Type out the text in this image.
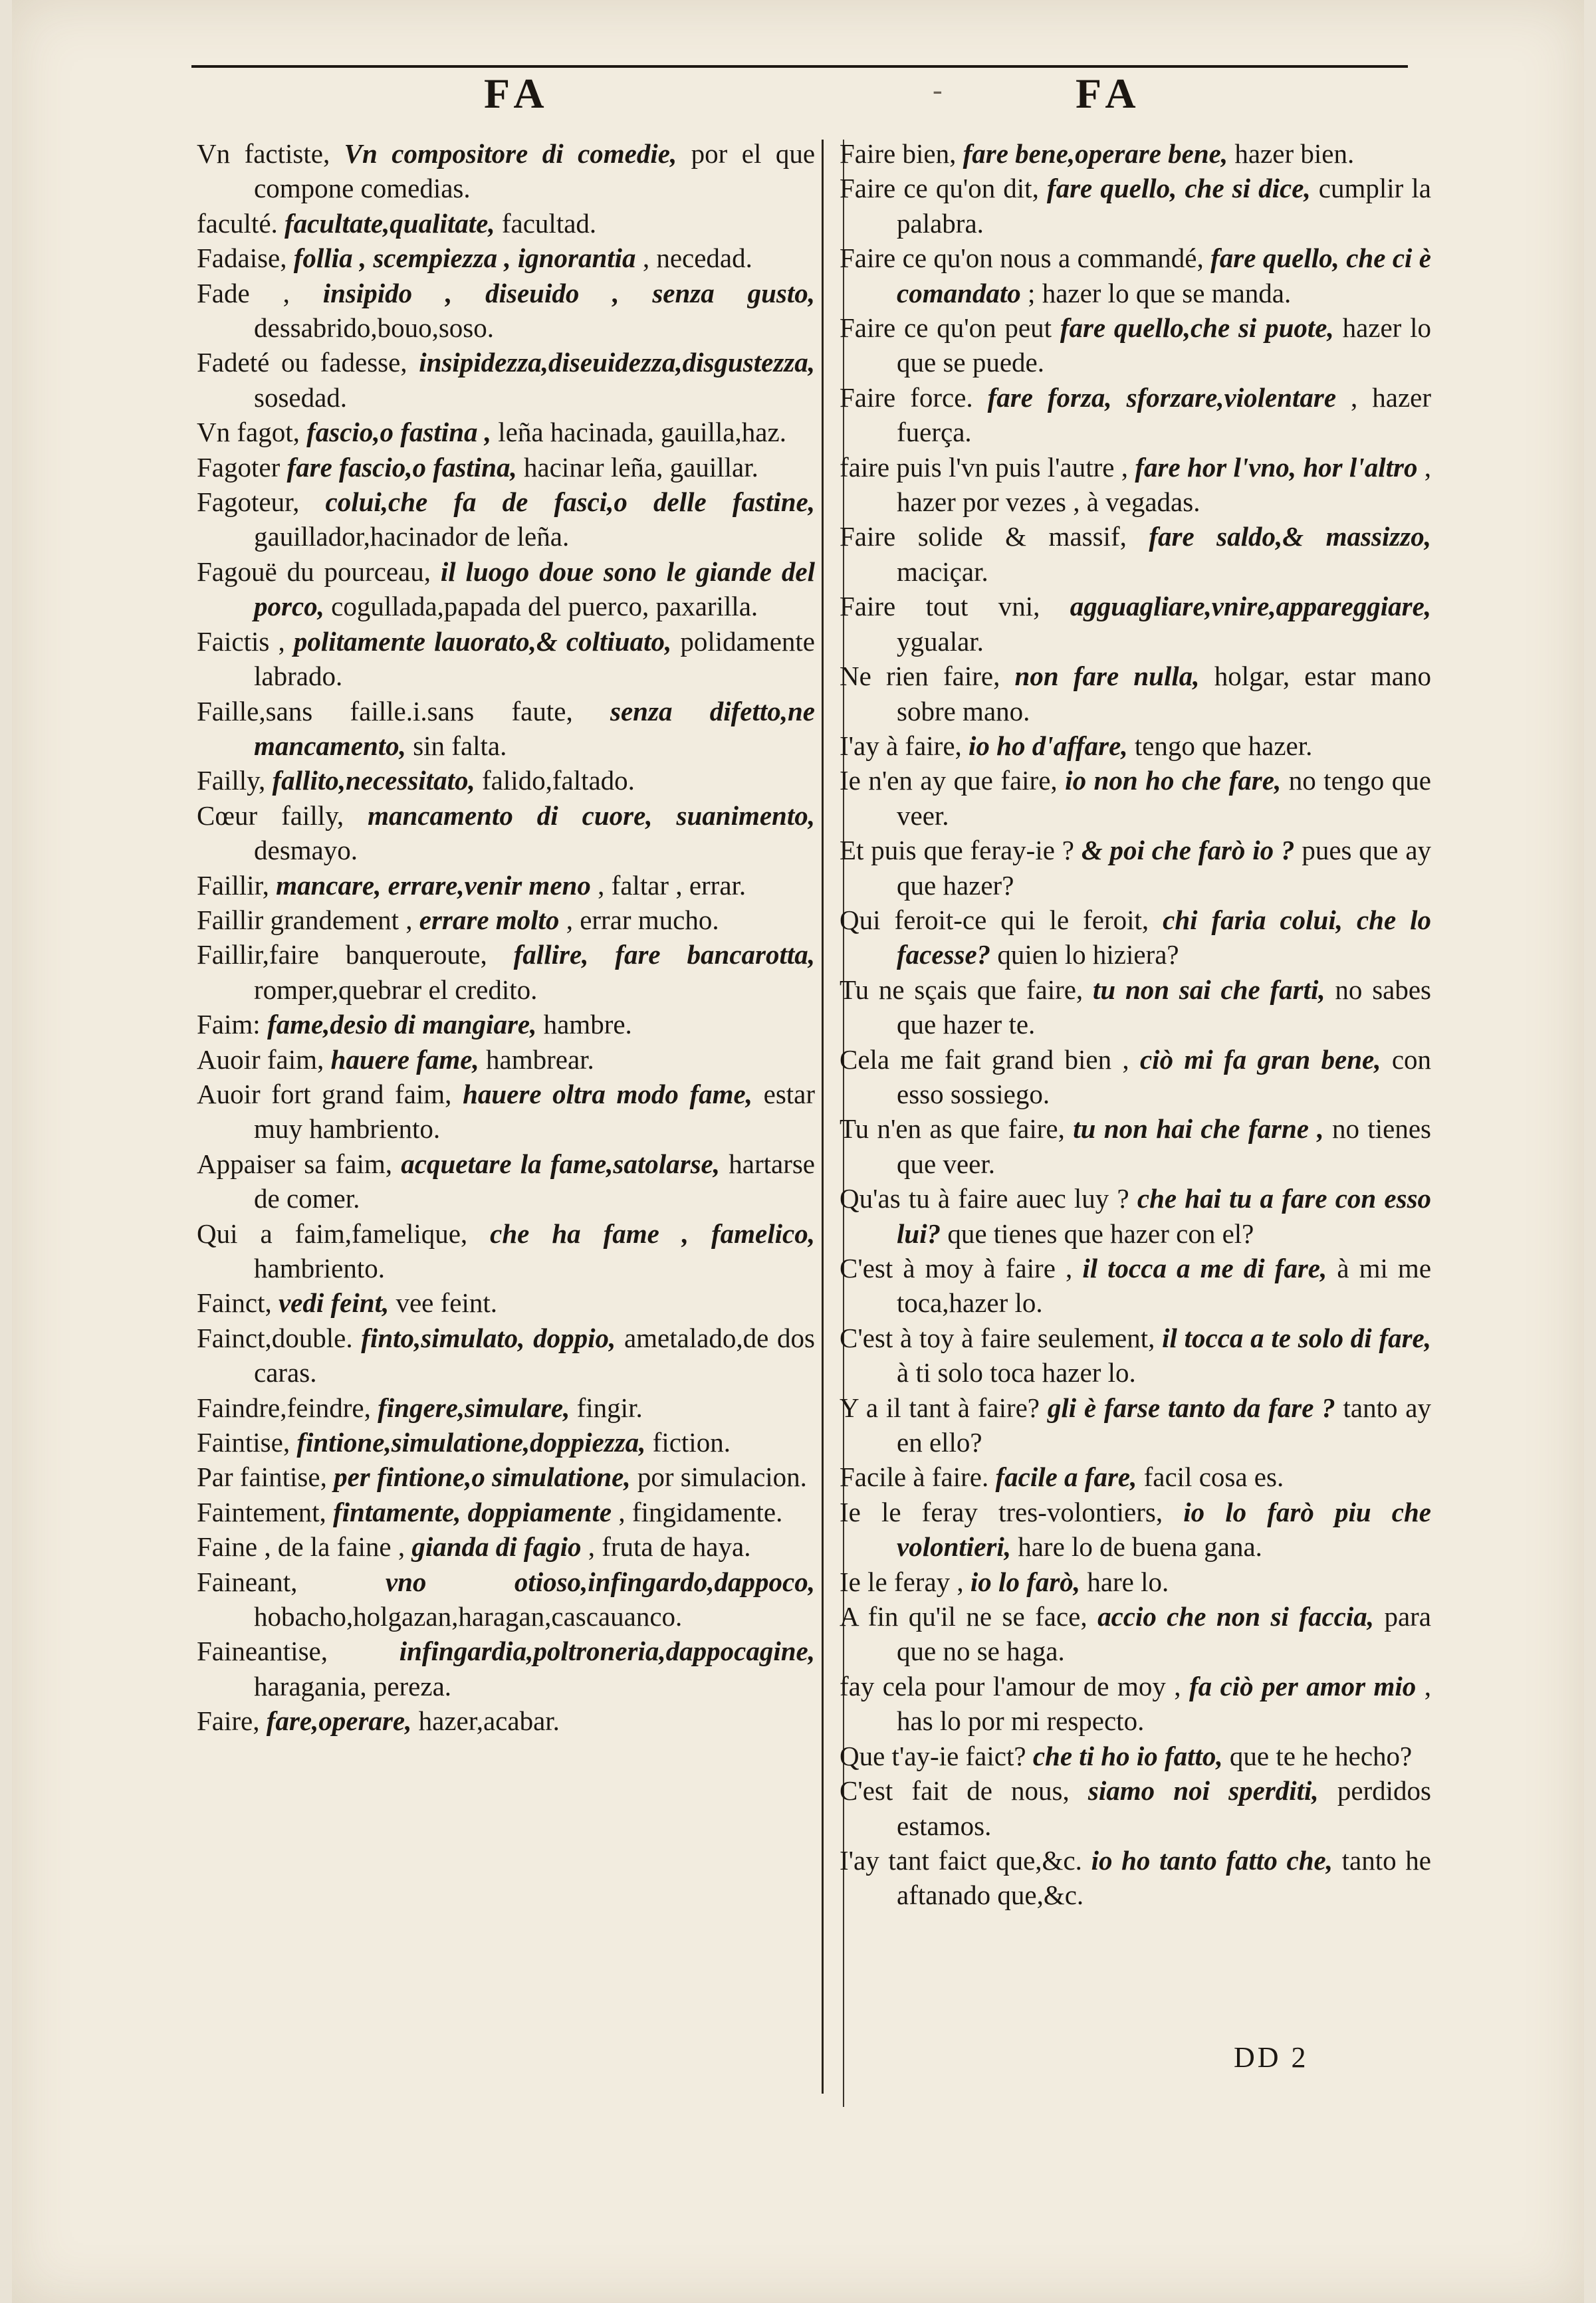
FA	-	FA

Vn factiste, Vn compositore di comedie, por el que compone comedias.

faculté. facultate,qualitate, facultad.

Fadaise, follia , scempiezza , ignorantia , necedad.

Fade , insipido , diseuido , senza gusto, dessabrido,bouo,soso.

Fadeté ou fadesse, insipidezza,diseuidezza,disgustezza, sosedad.

Vn fagot, fascio,o fastina , leña hacinada, gauilla,haz.

Fagoter fare fascio,o fastina, hacinar leña, gauillar.

Fagoteur, colui,che fa de fasci,o delle fastine, gauillador,hacinador de leña.

Fagouë du pourceau, il luogo doue sono le giande del porco, cogullada,papada del puerco, paxarilla.

Faictis , politamente lauorato,& coltiuato, polidamente labrado.

Faille,sans faille.i.sans faute, senza difetto,ne mancamento, sin falta.

Failly, fallito,necessitato, falido,faltado.

Cœur failly, mancamento di cuore, suanimento, desmayo.

Faillir, mancare, errare,venir meno , faltar , errar.

Faillir grandement , errare molto , errar mucho.

Faillir,faire banqueroute, fallire, fare bancarotta, romper,quebrar el credito.

Faim: fame,desio di mangiare, hambre.

Auoir faim, hauere fame, hambrear.

Auoir fort grand faim, hauere oltra modo fame, estar muy hambriento.

Appaiser sa faim, acquetare la fame,satolarse, hartarse de comer.

Qui a faim,famelique, che ha fame , famelico, hambriento.

Fainct, vedi feint, vee feint.

Fainct,double. finto,simulato, doppio, ametalado,de dos caras.

Faindre,feindre, fingere,simulare, fingir.

Faintise, fintione,simulatione,doppiezza, fiction.

Par faintise, per fintione,o simulatione, por simulacion.

Faintement, fintamente, doppiamente , fingidamente.

Faine , de la faine , gianda di fagio , fruta de haya.

Faineant,	vno otioso,infingardo,dappoco, hobacho,holgazan,haragan,cascauanco.

Faineantise,	infingardia,poltroneria,dappocagine, haragania, pereza.

Faire, fare,operare, hazer,acabar.

Faire bien, fare bene,operare bene, hazer bien.

Faire ce qu'on dit, fare quello, che si dice, cumplir la palabra.

Faire ce qu'on nous a commandé, fare quello, che ci è comandato ; hazer lo que se manda.

Faire ce qu'on peut fare quello,che si puote, hazer lo que se puede.

Faire force. fare forza, sforzare,violentare , hazer fuerça.

faire puis l'vn puis l'autre , fare hor l'vno, hor l'altro , hazer por vezes , à vegadas.

Faire solide & massif, fare saldo,& massizzo, maciçar.

Faire tout vni, agguagliare,vnire,appareggiare, ygualar.

Ne rien faire, non fare nulla, holgar, estar mano sobre mano.

I'ay à faire, io ho d'affare, tengo que hazer.

Ie n'en ay que faire, io non ho che fare, no tengo que veer.

Et puis que feray-ie ? & poi che farò io ? pues que ay que hazer?

Qui feroit-ce qui le feroit, chi faria colui, che lo facesse? quien lo hiziera?

Tu ne sçais que faire, tu non sai che farti, no sabes que hazer te.

Cela me fait grand bien , ciò mi fa gran bene, con esso sossiego.

Tu n'en as que faire, tu non hai che farne , no tienes que veer.

Qu'as tu à faire auec luy ? che hai tu a fare con esso lui? que tienes que hazer con el?

C'est à moy à faire , il tocca a me di fare, à mi me toca,hazer lo.

C'est à toy à faire seulement, il tocca a te solo di fare, à ti solo toca hazer lo.

Y a il tant à faire? gli è farse tanto da fare ? tanto ay en ello?

Facile à faire. facile a fare, facil cosa es.

Ie le feray tres-volontiers, io lo farò piu che volontieri, hare lo de buena gana.

Ie le feray , io lo farò, hare lo.

A fin qu'il ne se face, accio che non si faccia, para que no se haga.

fay cela pour l'amour de moy , fa ciò per amor mio , has lo por mi respecto.

Que t'ay-ie faict? che ti ho io fatto, que te he hecho?

C'est fait de nous, siamo noi sperditi, perdidos estamos.

I'ay tant faict que,&c. io ho tanto fatto che, tanto he aftanado que,&c.

DD 2
